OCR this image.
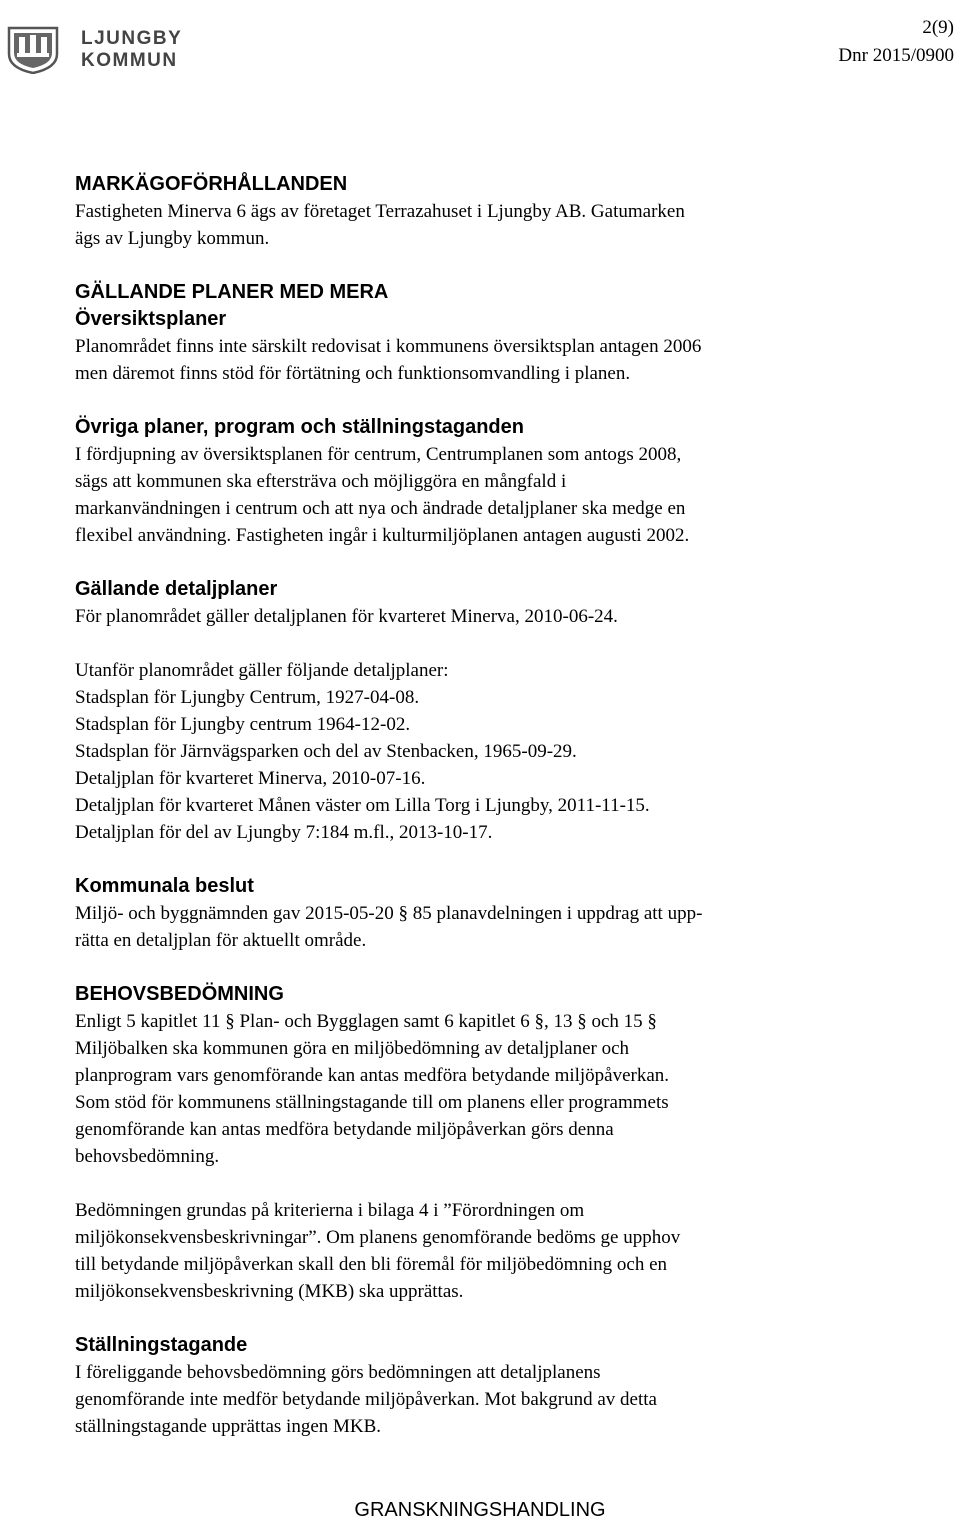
LJUNGBY
KOMMUN
2(9)
Dnr 2015/0900
MARKÄGOFÖRHÅLLANDEN

Fastigheten Minerva 6 ägs av företaget Terrazahuset i Ljungby AB. Gatumarken

ägs av Ljungby kommun.

GÄLLANDE PLANER MED MERA
Översiktsplaner

Planområdet finns inte särskilt redovisat i kommunens översiktsplan antagen 2006

men däremot finns stöd för förtätning och funktionsomvandling i planen.

Övriga planer, program och ställningstaganden

I fördjupning av översiktsplanen för centrum, Centrumplanen som antogs 2008,

sägs att kommunen ska eftersträva och möjliggöra en mångfald i

markanvändningen i centrum och att nya och ändrade detaljplaner ska medge en

flexibel användning. Fastigheten ingår i kulturmiljöplanen antagen augusti 2002.

Gällande detaljplaner

För planområdet gäller detaljplanen för kvarteret Minerva, 2010-06-24.

Utanför planområdet gäller följande detaljplaner:

Stadsplan för Ljungby Centrum, 1927-04-08.

Stadsplan för Ljungby centrum 1964-12-02.

Stadsplan för Järnvägsparken och del av Stenbacken, 1965-09-29.

Detaljplan för kvarteret Minerva, 2010-07-16.

Detaljplan för kvarteret Månen väster om Lilla Torg i Ljungby, 2011-11-15.

Detaljplan för del av Ljungby 7:184 m.fl., 2013-10-17.

Kommunala beslut

Miljö- och byggnämnden gav 2015-05-20 § 85 planavdelningen i uppdrag att upp-

rätta en detaljplan för aktuellt område.

BEHOVSBEDÖMNING

Enligt 5 kapitlet 11 § Plan- och Bygglagen samt 6 kapitlet 6 §, 13 § och 15 §

Miljöbalken ska kommunen göra en miljöbedömning av detaljplaner och

planprogram vars genomförande kan antas medföra betydande miljöpåverkan.

Som stöd för kommunens ställningstagande till om planens eller programmets

genomförande kan antas medföra betydande miljöpåverkan görs denna

behovsbedömning.

Bedömningen grundas på kriterierna i bilaga 4 i ”Förordningen om

miljökonsekvensbeskrivningar”. Om planens genomförande bedöms ge upphov

till betydande miljöpåverkan skall den bli föremål för miljöbedömning och en

miljökonsekvensbeskrivning (MKB) ska upprättas.

Ställningstagande

I föreliggande behovsbedömning görs bedömningen att detaljplanens

genomförande inte medför betydande miljöpåverkan. Mot bakgrund av detta

ställningstagande upprättas ingen MKB.

GRANSKNINGSHANDLING
